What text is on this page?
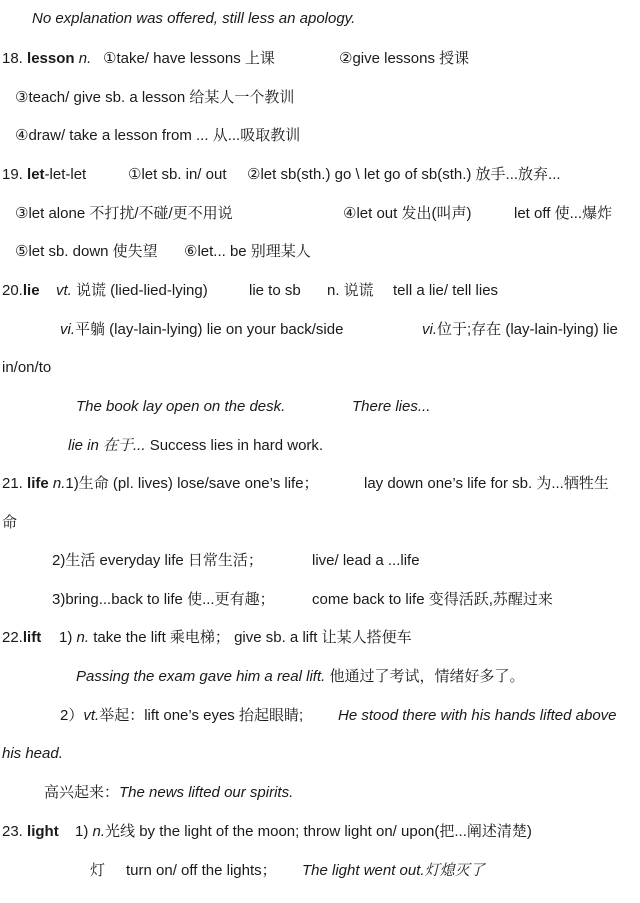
No explanation was offered, still less an apology.
18. lesson n. ①take/ have lessons 上课	②give lessons 授课
③teach/ give sb. a lesson 给某人一个教训
④draw/ take a lesson from ... 从...吸取教训
19. let-let-let	①let sb. in/ out ②let sb(sth.) go \ let go of sb(sth.) 放手...放弃...
③let alone 不打扰/不碰/更不用说	④let out 发出(叫声)	let off 使...爆炸
⑤let sb. down 使失望 ⑥let... be 别理某人
20.lie vt. 说谎 (lied-lied-lying)	lie to sb n. 说谎 tell a lie/ tell lies
vi.平躺 (lay-lain-lying) lie on your back/side	vi.位于;存在 (lay-lain-lying) lie
in/on/to
The book lay open on the desk.	There lies...
lie in 在于... Success lies in hard work.
21. life n.1)生命 (pl. lives) lose/save one’s life；	lay down one’s life for sb. 为...牺牲生
命
2)生活 everyday life 日常生活；	live/ lead a ...life
3)bring...back to life 使...更有趣； come back to life 变得活跃,苏醒过来
22.lift 1) n. take the lift 乘电梯； give sb. a lift 让某人搭便车
Passing the exam gave him a real lift. 他通过了考试，情绪好多了。
2）vt.举起：lift one’s eyes 抬起眼睛; He stood there with his hands lifted above
his head.
高兴起来：The news lifted our spirits.
23. light 1) n.光线 by the light of the moon; throw light on/ upon(把...阐述清楚)
灯 turn on/ off the lights； The light went out.灯熄灭了
